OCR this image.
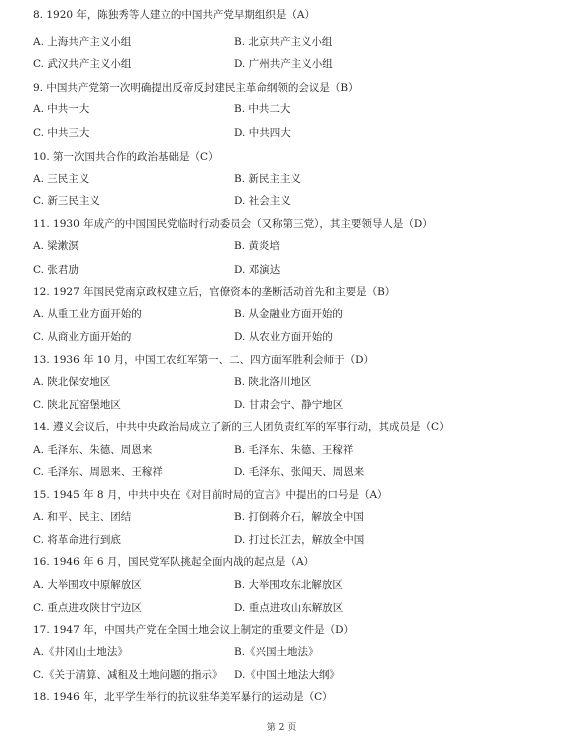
8. 1920 年，陈独秀等人建立的中国共产党早期组织是（A）
A. 上海共产主义小组	B. 北京共产主义小组
C. 武汉共产主义小组	D. 广州共产主义小组
9. 中国共产党第一次明确提出反帝反封建民主革命纲领的会议是（B）
A. 中共一大	B. 中共二大
C. 中共三大	D. 中共四大
10. 第一次国共合作的政治基础是（C）
A. 三民主义	B. 新民主主义
C. 新三民主义	D. 社会主义
11. 1930 年成产的中国国民党临时行动委员会（又称第三党），其主要领导人是（D）
A. 梁漱溟	B. 黄炎培
C. 张君劢	D. 邓演达
12. 1927 年国民党南京政权建立后，官僚资本的垄断活动首先和主要是（B）
A. 从重工业方面开始的	B. 从金融业方面开始的
C. 从商业方面开始的	D. 从农业方面开始的
13. 1936 年 10 月，中国工农红军第一、二、四方面军胜利会师于（D）
A. 陕北保安地区	B. 陕北洛川地区
C. 陕北瓦窑堡地区	D. 甘肃会宁、静宁地区
14. 遵义会议后，中共中央政治局成立了新的三人团负责红军的军事行动，其成员是（C）
A. 毛泽东、朱德、周恩来	B. 毛泽东、朱德、王稼祥
C. 毛泽东、周恩来、王稼祥	D. 毛泽东、张闻天、周恩来
15. 1945 年 8 月，中共中央在《对目前时局的宣言》中提出的口号是（A）
A. 和平、民主、团结	B. 打倒蒋介石，解放全中国
C. 将革命进行到底	D. 打过长江去，解放全中国
16. 1946 年 6 月，国民党军队挑起全面内战的起点是（A）
A. 大举围攻中原解放区	B. 大举围攻东北解放区
C. 重点进攻陕甘宁边区	D. 重点进攻山东解放区
17. 1947 年，中国共产党在全国土地会议上制定的重要文件是（D）
A.《井冈山土地法》	B.《兴国土地法》
C.《关于清算、减租及土地问题的指示》 D.《中国土地法大纲》
18. 1946 年，北平学生举行的抗议驻华美军暴行的运动是（C）
第 2 页
